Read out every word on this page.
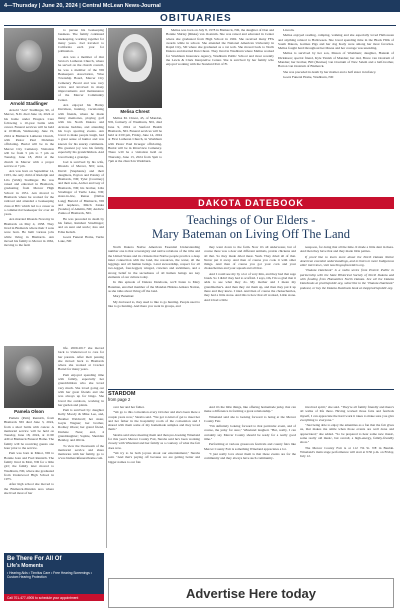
4—Thursday | June 20, 2024 | Central McLean News-Journal
OBITUARIES
Arnold Stadlinger

Arnold "Arn" Stadlinger, 90, of Mercer, N.D. died June 14, 2024 at his home under Hospice Care following a 10-year battle with cancer. Funeral services will be held at 10:00am, Wednesday, June 19, 2024 at Bismarck Lutheran Church, with Pastor Paul Dickman officiating. Burial will be in the Mercer City Cemetery. Visitation will be from 5 pm to 7 pm on Tuesday, June 18, 2024 at the church in Mercer with a prayer service at 7 pm.

Arn was born on September 14, 1933, the only child of Rudolph and Lila (Wahl) Stadlinger. He was raised and educated in Bismarck, graduating from Mercer High School in 1951. Arn moved to Bismarck where he worked for the railroad and attended a beekeeping class at BJC which led to a career as a commercial beekeeper for over 40 years.

Arn married Rhonda Novotny in Bismarck on May 4, 1958. They lived in Bismarck where their 3 sons were born. He built various jobs while living in Bismarck. Arn moved his family to Mercer in 1962, moving to the farm

to pursue his beekeeping business. The family continued beekeeping, working together for many years. Joel traveled to California each year for pollination.

Arn was a member of Our Savior's Lutheran Church, where he served on the church council, he was a member of the ND Beekeepers Association, Wise Township Board, Mercer City Cemetery Board and was very active and involved in many improvements and maintenance of the Mercer Community Center.

Arn enjoyed his Harley Davidson, hunting, vacationing with friends, where he made many memories, playing golf with his North Dakota and Arizona buddies, and attending his boys sporting events. Arn loved to make people laugh, had a great sense of humor and was known for his snarky comments. His greatest joy was his family, especially his grandchildren. And loved being a grandpa.

Joel is survived by his wife, Rhonda of Mercer, ND; sons, David (Stephanie) and their daughters, Payton and Paisley of Bismarck, ND; Tyler (Courtney) and their sons, Archer and Guy of Bismarck, ND; his brother, Lilia Stradinger of Turtle Lake, ND; sister-in-law, Renae (Dallas Lang) Bartold of Bismarck, ND and nephews, Mitch Zanka (Sondre) of Ammin, ND; Andrew Zanka of Bismarck, ND.

He was preceded in death by his father, Reinhart Stradlinger; and an aunt and uncle; Jess and Edna Kelsch.

Goetz Funeral Home, Turtle Lake, ND

Melisa Chrest

Melisa M. Chrest, 45, of Mandan, ND, formerly of Washburn, ND, died June 9, 2024 at Sanford Health Bismarck, ND. Funeral services will be held at 2:00 pm, Friday, June 14, 2024 at First Lutheran Church, in Washburn with Pastor Paul Krueger officiating. Burial will be in Riverview Cemetery. There will be a visitation held on Thursday, June 13, 2024 from 5pm to 7pm at the church in Washburn.

Melisa was born on July 8, 1978 in Bismarck, ND, the daughter of Don and Bonnie Shirley (Rikke) van Oostrum. She was raised and educated in Center where she graduated from High School in 1992. She received many FFA awards while in school. She attended the National American University in Rapid City, SD where she graduated as a vet tech. She moved back to North Dakota and married Dan Chrest. They lived in Washburn where Melisa worked for Washburn Insurance Agency, Washburn Public School and most recently the Lewis & Clark Interpretive Center. She is survived by her family who enjoyed working with the Standard Part of Ft.

Lincoln.

Melisa enjoyed reading, camping, walking and she especially loved Halloween and anything related to Halloween. She loved spending time in the Black Hills of South Dakota, Gatinas Pigs and her dog Kady were among her most favorites. Melisa fought hard throughout her illness and her courage was unending.

Melisa is survived by her son, Mason of Washburn; daughter, Hannah of Dickinson; special friend, Kyle Yanish of Mandan; her dad, Bruce van Oostrum of Mandan; her brother, Bill (Desiree) van Oostrum of New Salem and a half-brother, Barron van Oostrum of Bismarck.

She was preceded in death by her mother and a half sister in infancy.

Goetz Funeral Home, Washburn, ND

Pamela Olson

Pamela (Pam) Rennich, from Bismarck ND died June 3, 2024, from a short battle with cancer. A memorial service will be held on Tuesday, June 18, 2024, at 11:00 AM at Bismarck Funeral Home. The family will be receiving guests one hour prior to the service.

Pam was born in Minot, ND to Bonnie Jean and Fred Rennich. The family lived in Mott, ND for a little girl; the family later moved to Washburn, ND, where she graduated from Underwood High School in 1975.

After high school she moved to the Bismarck-Mandan area where she lived most of her

life. 2009-2017 she moved back to Underwood to care for her parents. After their passing she moved back to Bismarck where she worked at Cracker Barrel for many years.

Pam enjoyed spending time with family, especially her grandchildren who she loved very much. She loved going out with her great friends and she was always up for bingo. She loved the outdoors, working in her garden and plants.

Pam is survived by: daughter Kelly Moody & Mike Lee, and, Heather Waldwall; her sister, Gayle Wagner; her brother, Rodney Olson; her grand friend, Darlene Ness; and, 4 granddaughter; Sophie, Sheridan Bentley, and Olivia.

To view the livestream of the memorial service and share memories with her family, go to www.bismarckfuneralhome.com.

DAKOTA DATEBOOK
Teachings of Our Elders -
Mary Bateman on Living Off The Land

North Dakota Native American Essential Understanding number one is that sovereignty and native relations of the tribe and the United States and its citizens that Native people practice a deep inner connection with the land, the resources, the water, all the leggings and all human beings. Land stewardship, respect for all two-legged, four-legged, winged, crawlers and swimmers, and a strong belief in the sacredness of all human beings are key elements of our culture today.

In this episode of Dakota Datebook, we'll listen to Mary Bateman, enrolled member of the Mandan Hidatsa Arikara Nation, as she talks about living off the land.

Mary Bateman:

My dad used to, they used to like to go hunting. People used to like to go hunting. And there you went in groups, and

they went down to the farm. Now it's all underwater, but of course there was a deer and different animals, prairie chickens and all that. So they made dried meat. Yeah. They dried all of that. Never put it away. And then of course you cook it with other things. And then of course you got your corn and your chokecherries and your squash and all that.

And I could see my by a lot of very thin, and they had that sage brush. So I didn't they had to scaffold. I says, Oh, I'm so glad that it adds to see what they do. My mother and I mean my grandmother's. And then they cut them up, and then they put it up there and they knew. I tried. And then of course the chokecherries, they had a little stone. And this is how that all worked, Little stone. And it had a little

teaspoon, for doing that all the time. It made a little dent in there. And then they have that and they made little patties.

If you'd like to learn more about the North Dakota Native American essential understandings, and to listen to more Indigenous elder interviews, visit teachingsofourelders.org.

"Dakota Datebook" is a radio series from Prairie Public in partnership with the State Historical Society of North Dakota and with funding from Humanities North Dakota. See all the Dakota Datebooks at prairiepublic.org, subscribe to the "Dakota Datebook" podcast, or buy the Dakota Datebook book at shopprairiepublic.org.

STARDOM
from page 2

over her and her father.

"We go to this convention every October and she's been there a couple years now," Skraba said. "We get to kind of get to meet her and her father in the hospitality room of the convention and I shared with them some of my homemade samples and they loved them."

Skraba said since meeting them and then pre-booking Wineland for this year's Mercer County Fair, Skraba said he's been working closely with Wineland and her family as a courtesy of what the fair does now.

"We try to be both joyous about our entertainment," Skraba said. "And that's paying off because we are getting better and bigger names to our fair.

And it's the little things, like offering homemade jerky, that can make a difference in forming a great relationship."

Wineland said she is looking forward to being at the Mercer County Fair.

"I'm definitely looking forward to that particular event, and of course, the jerky for sure," Wineland laughed. "But, really, I can certainly say Mercer County should be ready for a really good time."

Performing at various grassroots festivals and county fairs like Mercer County Fair is something Wineland appreciates a lot.

"I just really love about them is that these events are for the community and they always have such community-

involved spirit," she said. "They're all family friendly and there's all walks of life there. Having worked those fairs and festivals myself, I can appreciate the hard work it takes to make sure you give everything to everyone."

"Just being able to enjoy the amenities as a fan that the fair gives us, that makes me smile when those events are well done and appreciated," she added. "So be prepared to hear some new music, some really old music, but overall, a high-energy, family-friendly show."

The Mercer County Fair is at 112 7th St. NE in Beulah. Wineland's main stage performance will start at 9:30 p.m. on Friday, July 12.

Be There For All Of
Life's Moments
• Hearing Aids • Tinnitus Care • Free Hearing Screenings • Custom Hearing Protection
Call 701-477-4905 to schedule your appointment	Advertise Here today
